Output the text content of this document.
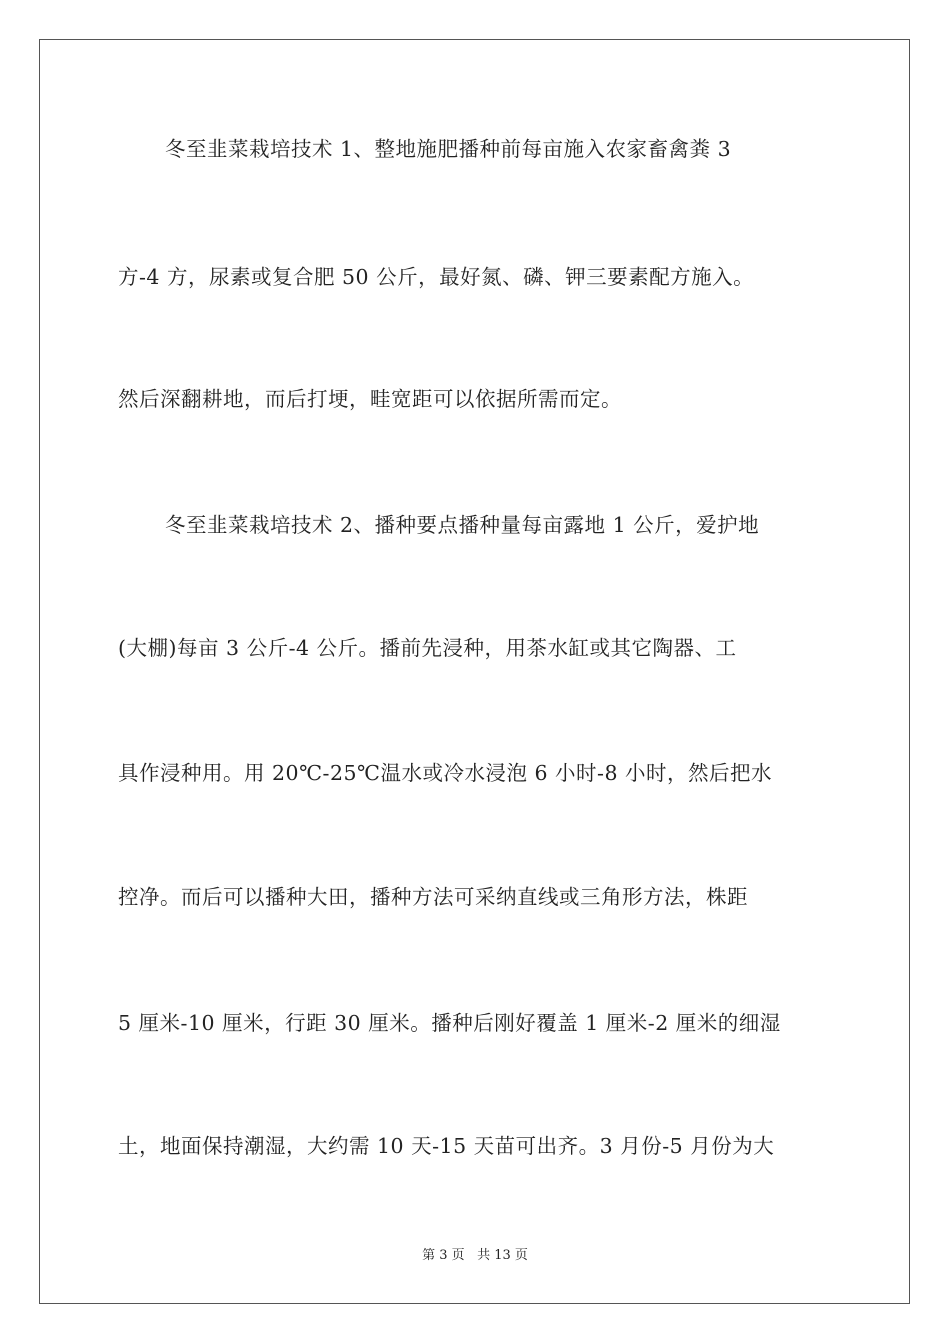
冬至韭菜栽培技术 1、整地施肥播种前每亩施入农家畜禽粪 3
方-4 方，尿素或复合肥 50 公斤，最好氮、磷、钾三要素配方施入。
然后深翻耕地，而后打埂，畦宽距可以依据所需而定。
冬至韭菜栽培技术 2、播种要点播种量每亩露地 1 公斤，爱护地
(大棚)每亩 3 公斤-4 公斤。播前先浸种，用茶水缸或其它陶器、工
具作浸种用。用 20℃-25℃温水或冷水浸泡 6 小时-8 小时，然后把水
控净。而后可以播种大田，播种方法可采纳直线或三角形方法，株距
5 厘米-10 厘米，行距 30 厘米。播种后刚好覆盖 1 厘米-2 厘米的细湿
土，地面保持潮湿，大约需 10 天-15 天苗可出齐。3 月份-5 月份为大
第 3 页 共 13 页
